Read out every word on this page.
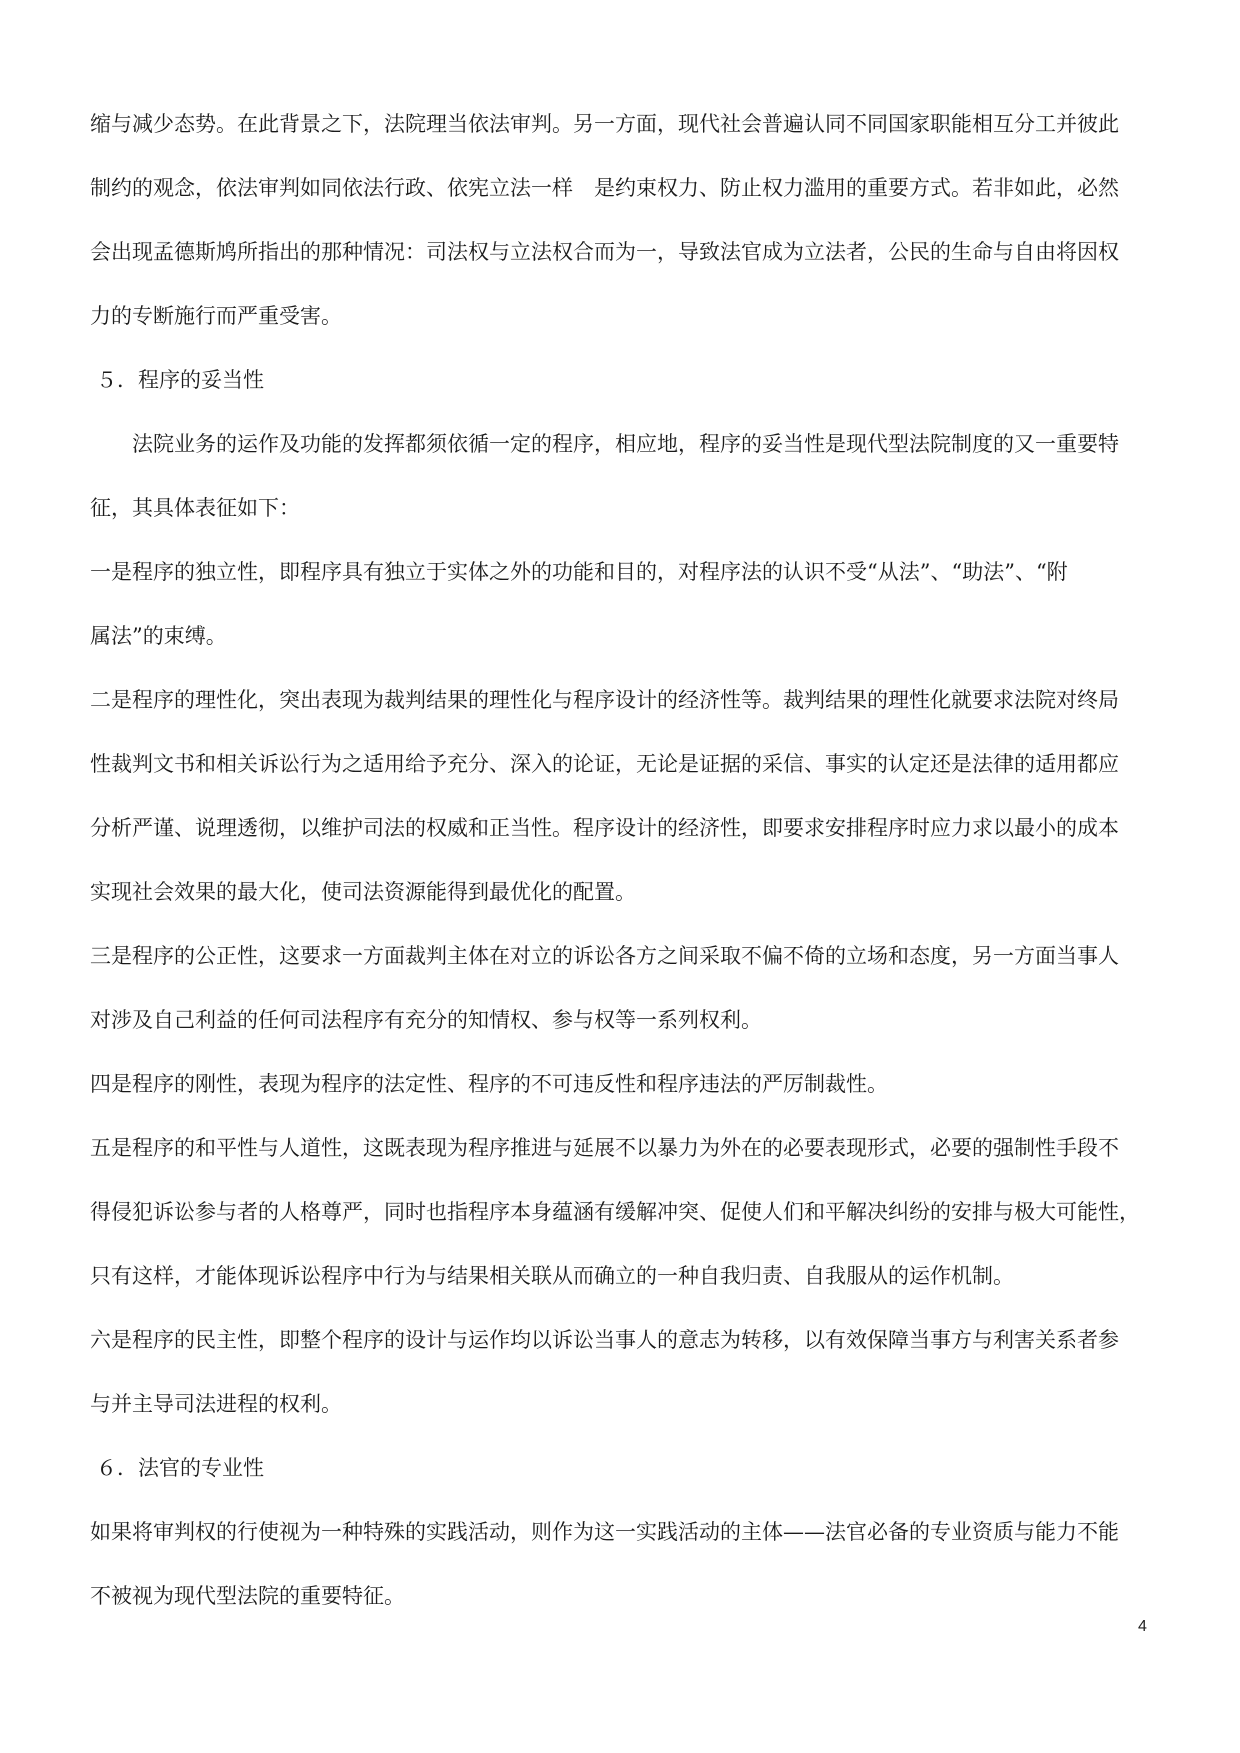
缩与减少态势。在此背景之下，法院理当依法审判。另一方面，现代社会普遍认同不同国家职能相互分工并彼此
制约的观念，依法审判如同依法行政、依宪立法一样　是约束权力、防止权力滥用的重要方式。若非如此，必然
会出现孟德斯鸠所指出的那种情况：司法权与立法权合而为一，导致法官成为立法者，公民的生命与自由将因权
力的专断施行而严重受害。
５．程序的妥当性
法院业务的运作及功能的发挥都须依循一定的程序，相应地，程序的妥当性是现代型法院制度的又一重要特
征，其具体表征如下：
一是程序的独立性，即程序具有独立于实体之外的功能和目的，对程序法的认识不受“从法”、“助法”、“附
属法”的束缚。
二是程序的理性化，突出表现为裁判结果的理性化与程序设计的经济性等。裁判结果的理性化就要求法院对终局
性裁判文书和相关诉讼行为之适用给予充分、深入的论证，无论是证据的采信、事实的认定还是法律的适用都应
分析严谨、说理透彻，以维护司法的权威和正当性。程序设计的经济性，即要求安排程序时应力求以最小的成本
实现社会效果的最大化，使司法资源能得到最优化的配置。
三是程序的公正性，这要求一方面裁判主体在对立的诉讼各方之间采取不偏不倚的立场和态度，另一方面当事人
对涉及自己利益的任何司法程序有充分的知情权、参与权等一系列权利。
四是程序的刚性，表现为程序的法定性、程序的不可违反性和程序违法的严厉制裁性。
五是程序的和平性与人道性，这既表现为程序推进与延展不以暴力为外在的必要表现形式，必要的强制性手段不
得侵犯诉讼参与者的人格尊严，同时也指程序本身蕴涵有缓解冲突、促使人们和平解决纠纷的安排与极大可能性，
只有这样，才能体现诉讼程序中行为与结果相关联从而确立的一种自我归责、自我服从的运作机制。
六是程序的民主性，即整个程序的设计与运作均以诉讼当事人的意志为转移，以有效保障当事方与利害关系者参
与并主导司法进程的权利。
６．法官的专业性
如果将审判权的行使视为一种特殊的实践活动，则作为这一实践活动的主体——法官必备的专业资质与能力不能
不被视为现代型法院的重要特征。
4
